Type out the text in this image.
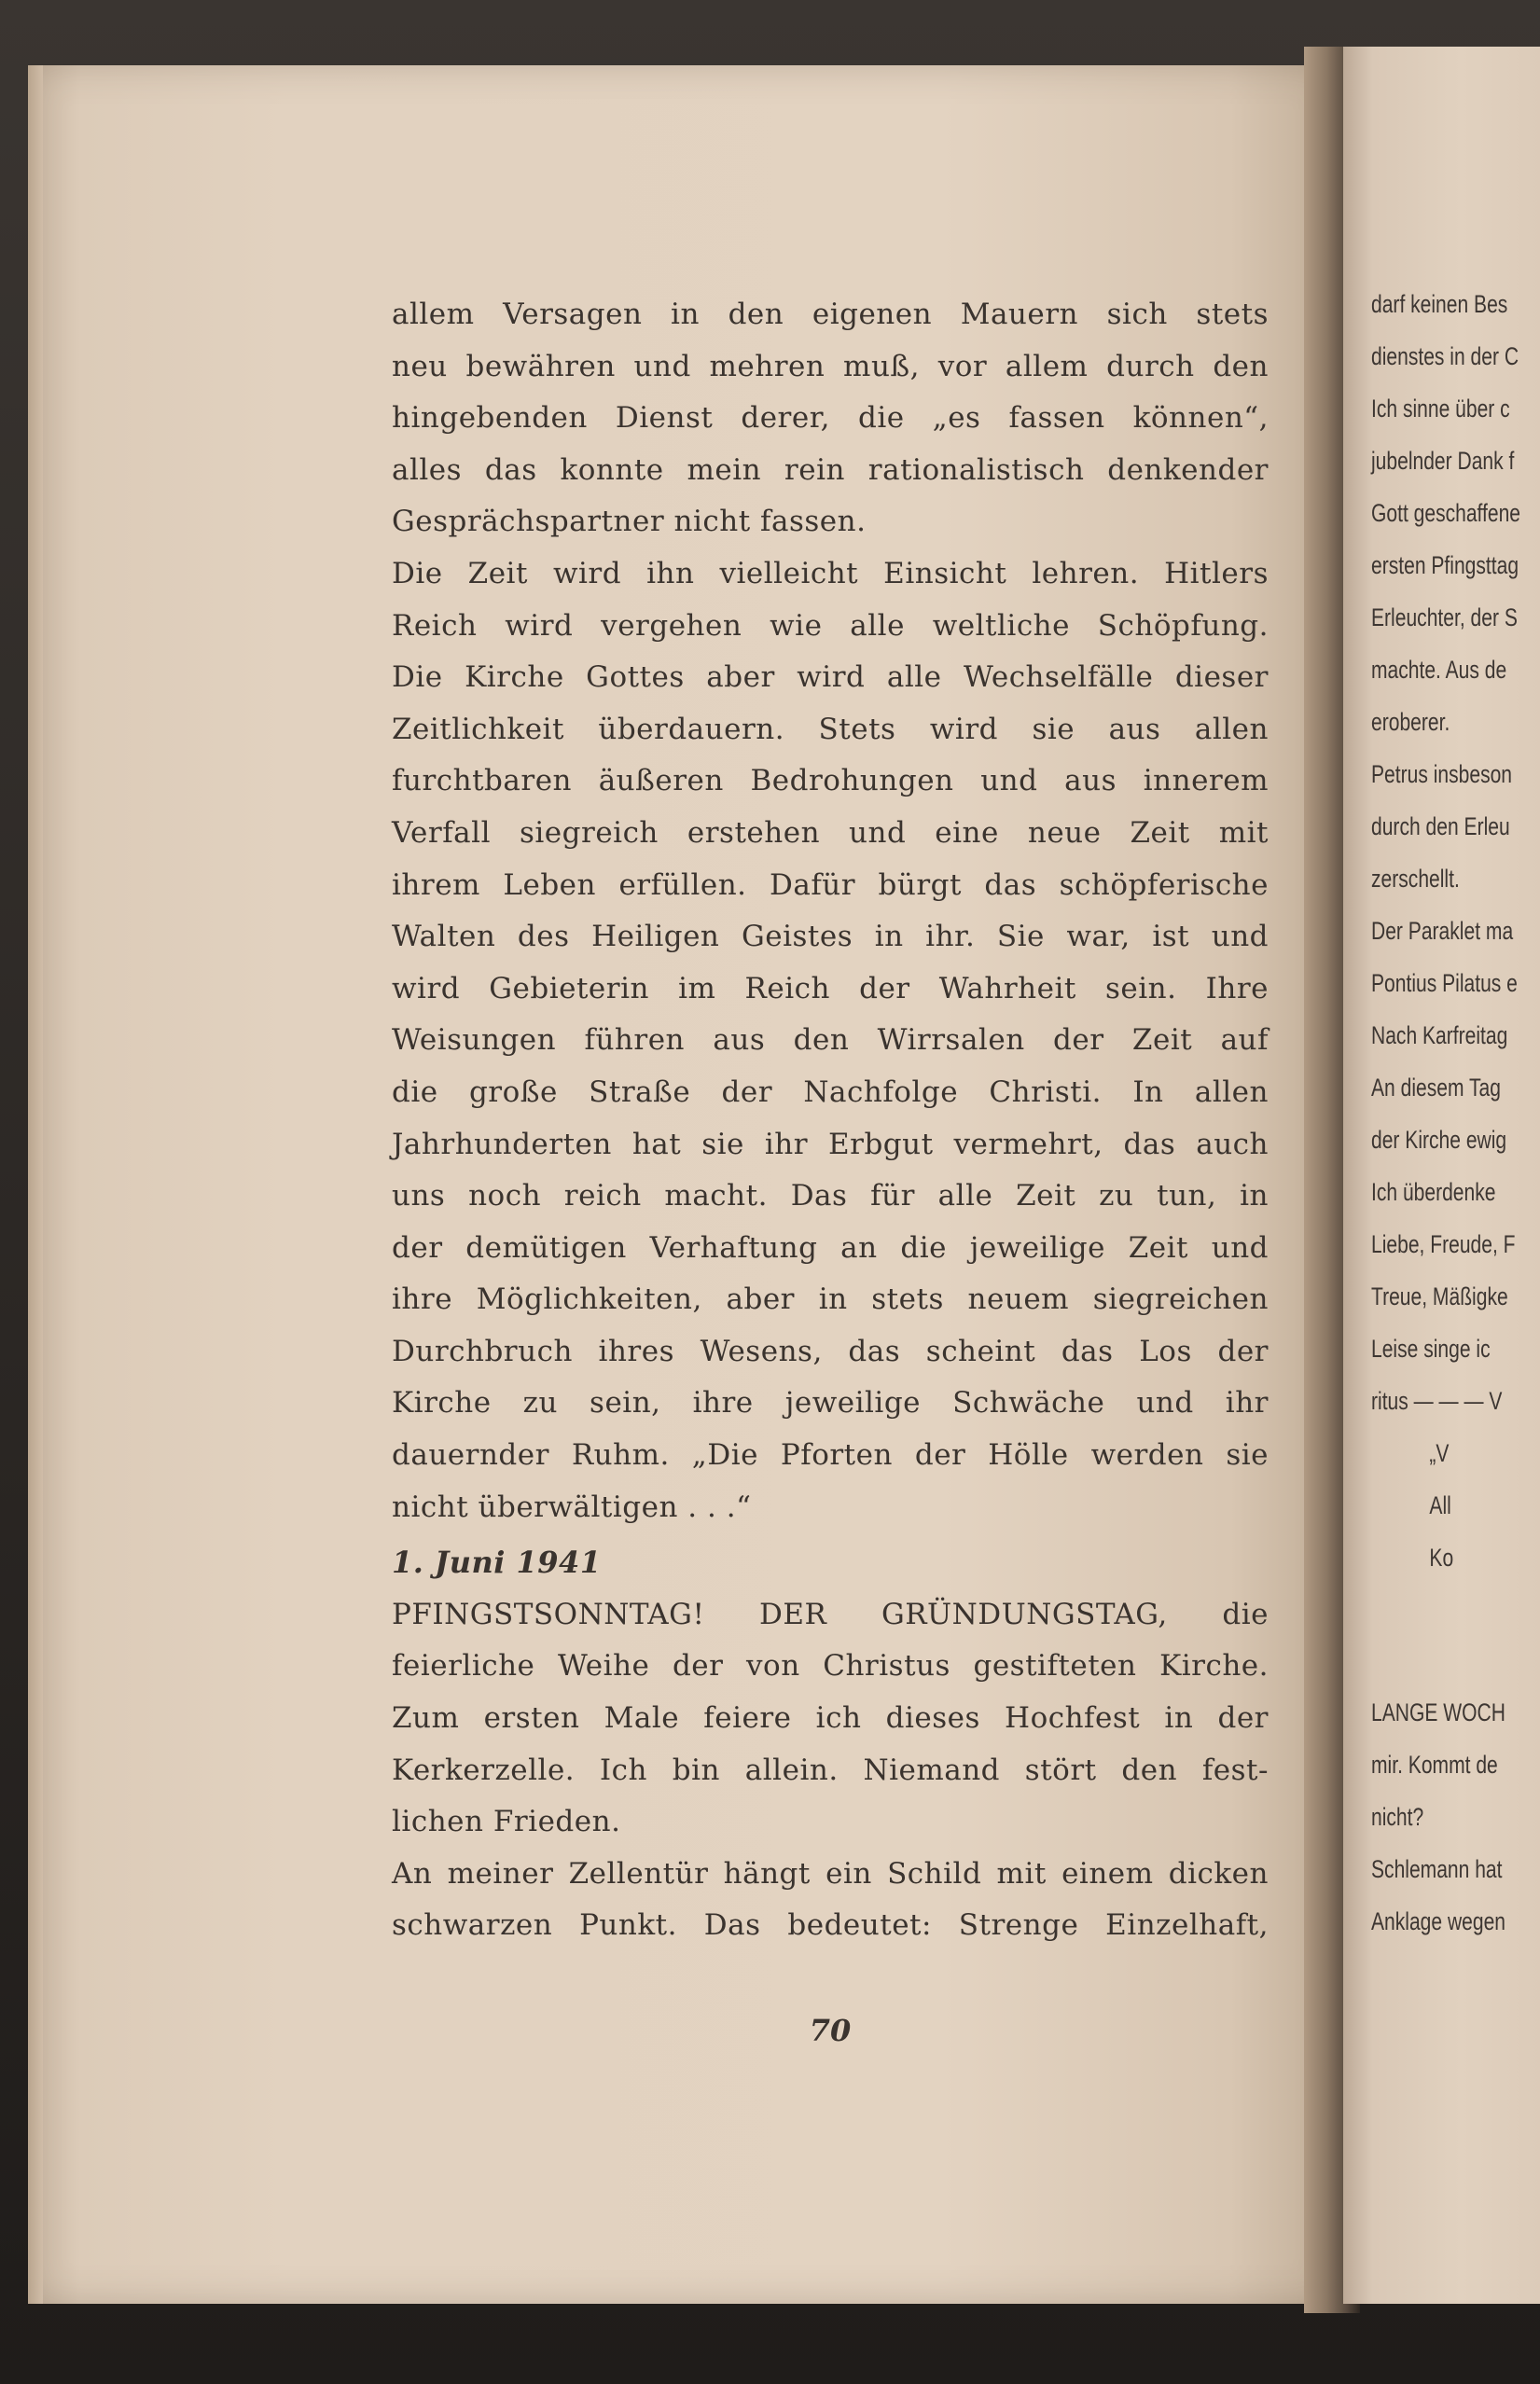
darf keinen Bes
dienstes in der C
Ich sinne über c
jubelnder Dank f
Gott geschaffene
ersten Pfingsttag
Erleuchter, der S
machte. Aus de
eroberer.
Petrus insbeson
durch den Erleu
zerschellt.
Der Paraklet ma
Pontius Pilatus e
Nach Karfreitag
An diesem Tag
der Kirche ewig
Ich überdenke
Liebe, Freude, F
Treue, Mäßigke
Leise singe ic
ritus — — — V
„V
All
Ko
LANGE WOCH
mir. Kommt de
nicht?
Schlemann hat
Anklage wegen
allem Versagen in den eigenen Mauern sich stets
neu bewähren und mehren muß, vor allem durch den
hingebenden Dienst derer, die „es fassen können“,
alles das konnte mein rein rationalistisch denkender
Gesprächspartner nicht fassen.
Die Zeit wird ihn vielleicht Einsicht lehren. Hitlers
Reich wird vergehen wie alle weltliche Schöpfung.
Die Kirche Gottes aber wird alle Wechselfälle dieser
Zeitlichkeit überdauern. Stets wird sie aus allen
furchtbaren äußeren Bedrohungen und aus innerem
Verfall siegreich erstehen und eine neue Zeit mit
ihrem Leben erfüllen. Dafür bürgt das schöpferische
Walten des Heiligen Geistes in ihr. Sie war, ist und
wird Gebieterin im Reich der Wahrheit sein. Ihre
Weisungen führen aus den Wirrsalen der Zeit auf
die große Straße der Nachfolge Christi. In allen
Jahrhunderten hat sie ihr Erbgut vermehrt, das auch
uns noch reich macht. Das für alle Zeit zu tun, in
der demütigen Verhaftung an die jeweilige Zeit und
ihre Möglichkeiten, aber in stets neuem siegreichen
Durchbruch ihres Wesens, das scheint das Los der
Kirche zu sein, ihre jeweilige Schwäche und ihr
dauernder Ruhm. „Die Pforten der Hölle werden sie
nicht überwältigen . . .“
1. Juni 1941
PFINGSTSONNTAG! DER GRÜNDUNGSTAG, die
feierliche Weihe der von Christus gestifteten Kirche.
Zum ersten Male feiere ich dieses Hochfest in der
Kerkerzelle. Ich bin allein. Niemand stört den fest-
lichen Frieden.
An meiner Zellentür hängt ein Schild mit einem dicken
schwarzen Punkt. Das bedeutet: Strenge Einzelhaft,
70
